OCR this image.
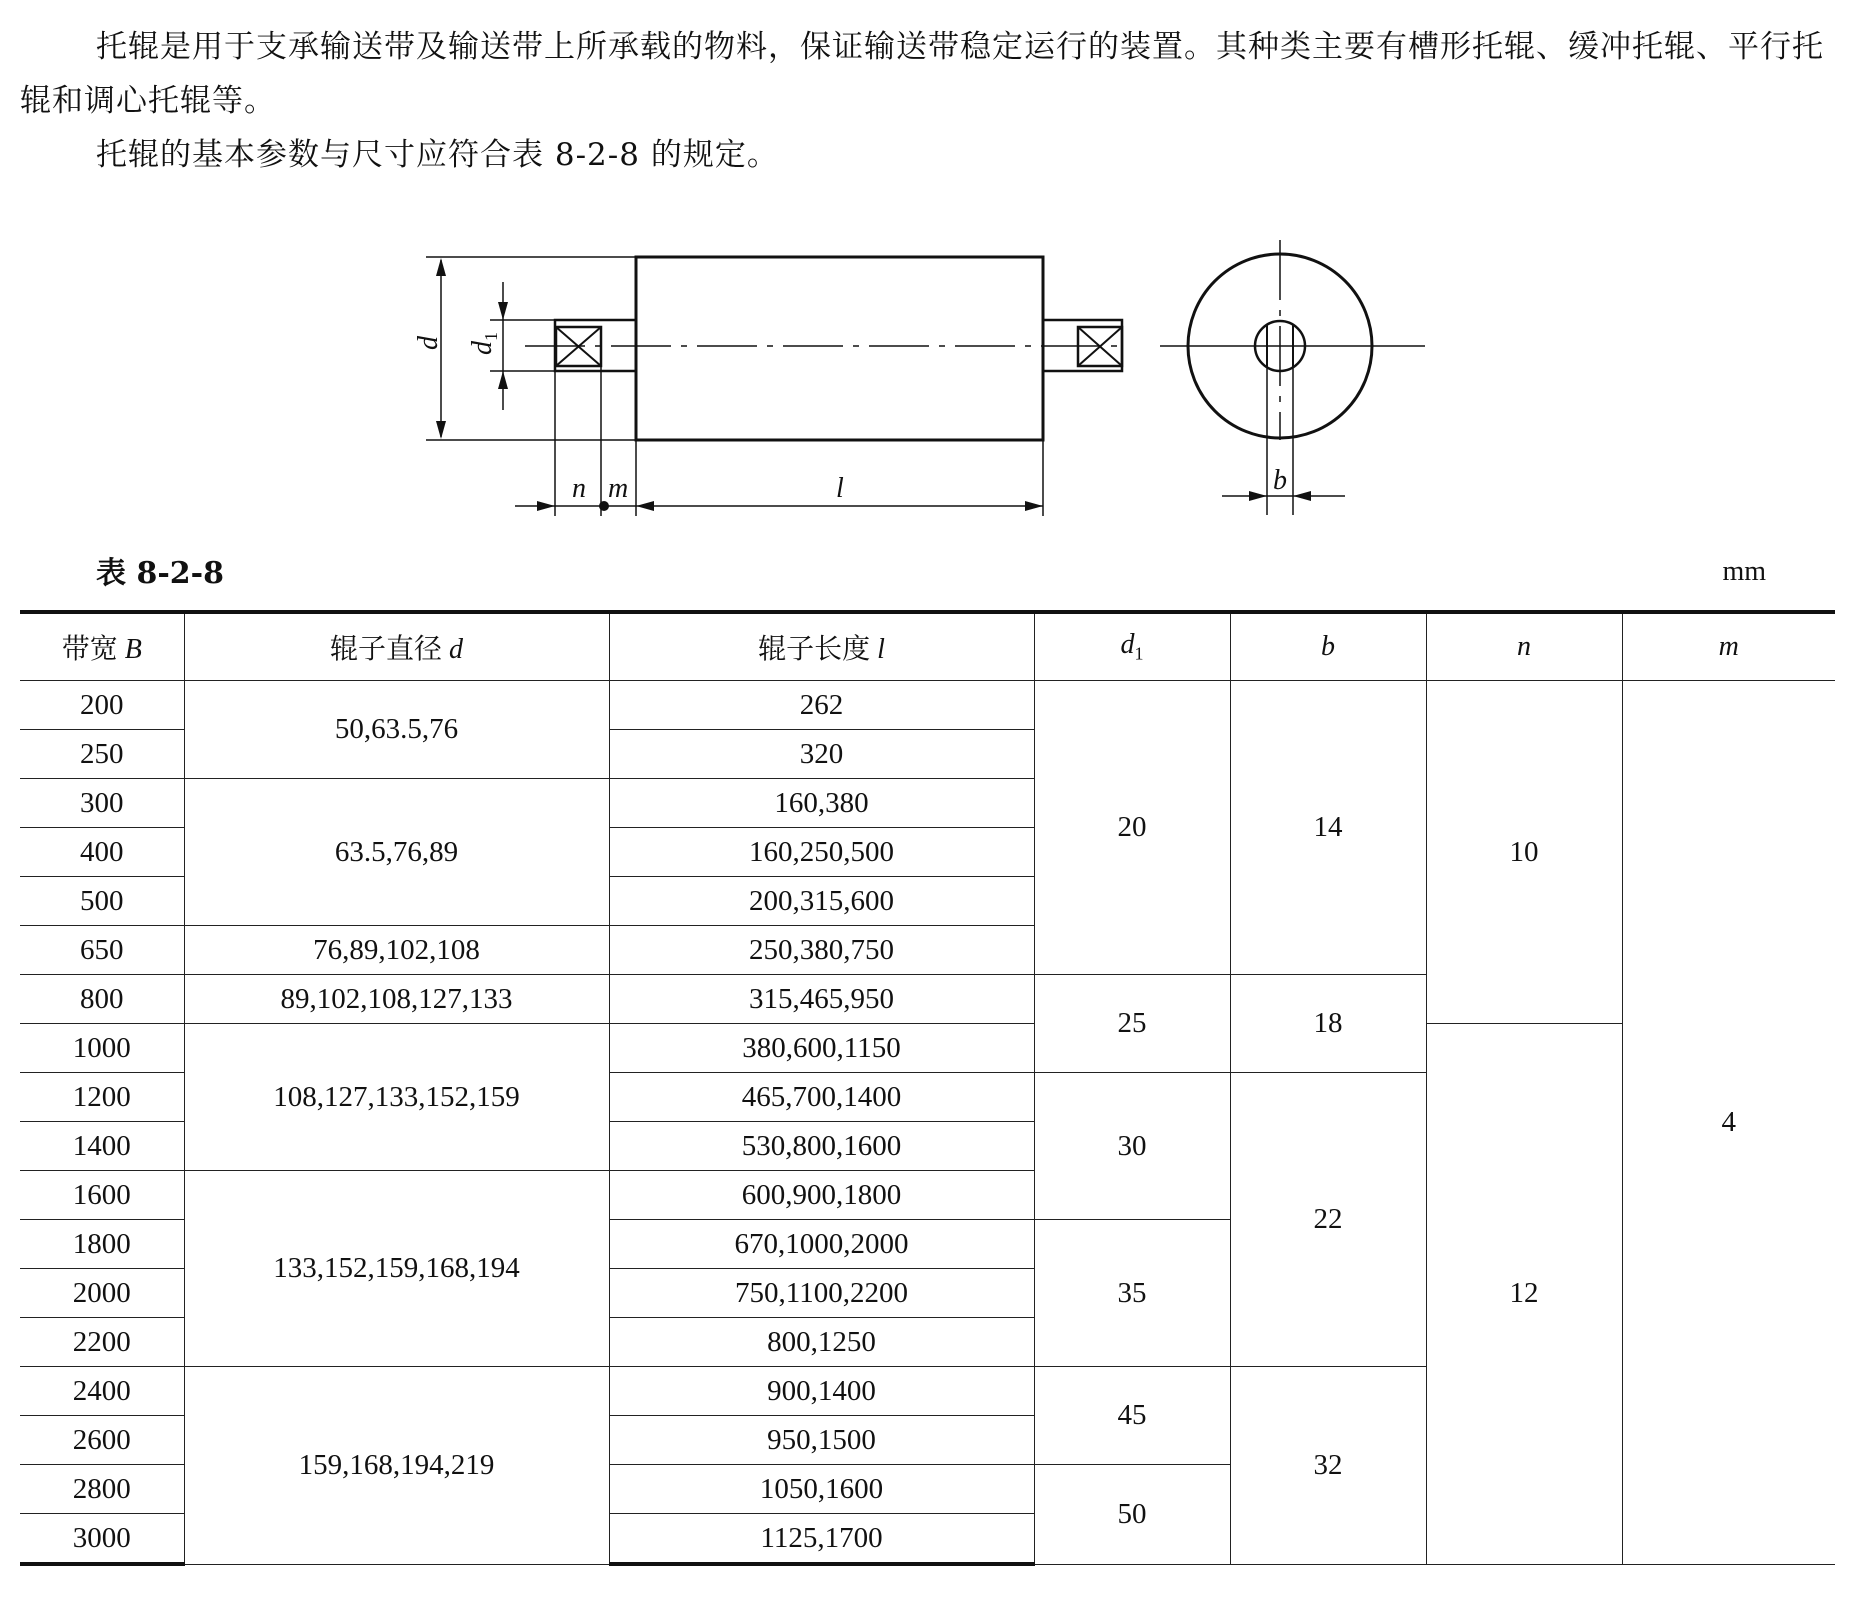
托辊是用于支承输送带及输送带上所承载的物料，保证输送带稳定运行的装置。其种类主要有槽形托辊、缓冲托辊、平行托辊和调心托辊等。

托辊的基本参数与尺寸应符合表 8-2-8 的规定。

d $d_1$
n m	l	b
表 8-2-8	mm
带宽 B	辊子直径 d	辊子长度 l	$d_1$	b	n	m
200	50,63.5,76	262	20	14	10	4
250		320				
300	63.5,76,89	160,380				
400		160,250,500				
500		200,315,600				
650	76,89,102,108	250,380,750				
800	89,102,108,127,133	315,465,950	25	18		
1000	108,127,133,152,159	380,600,1150			12	
1200		465,700,1400	30	22		
1400		530,800,1600				
1600	133,152,159,168,194	600,900,1800				
1800		670,1000,2000	35			
2000		750,1100,2200				
2200		800,1250				
2400	159,168,194,219	900,1400	45	32		
2600		950,1500				
2800		1050,1600	50			
3000		1125,1700				
